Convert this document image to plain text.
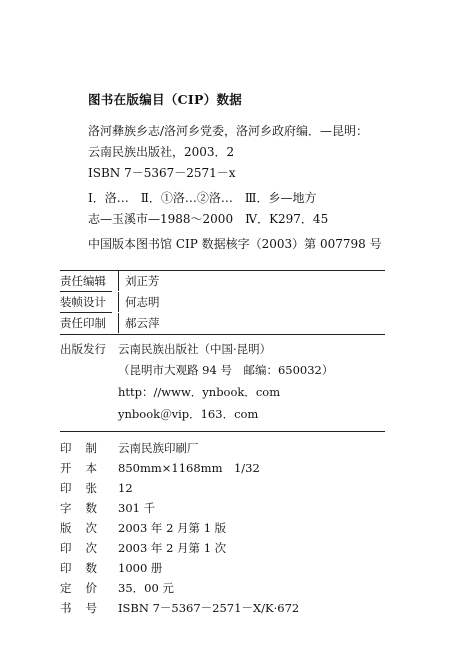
图书在版编目（CIP）数据
洛河彝族乡志/洛河乡党委，洛河乡政府编．—昆明：
云南民族出版社，2003．2
ISBN 7－5367－2571－x
Ⅰ．洛…　Ⅱ．①洛…②洛…　Ⅲ．乡—地方
志—玉溪市—1988～2000　Ⅳ．K297．45
中国版本图书馆 CIP 数据核字（2003）第 007798 号
责任编辑	刘正芳
装帧设计	何志明
责任印制	郝云萍
出版发行	云南民族出版社（中国·昆明）
（昆明市大观路 94 号　邮编：650032）
http：//www．ynbook．com
ynbook＠vip．163．com
印制 云南民族印刷厂
开本 850mm×1168mm　1/32
印张 12
字数 301 千
版次 2003 年 2 月第 1 版
印次 2003 年 2 月第 1 次
印数 1000 册
定价 35．00 元
书号 ISBN 7－5367－2571－X/K·672
